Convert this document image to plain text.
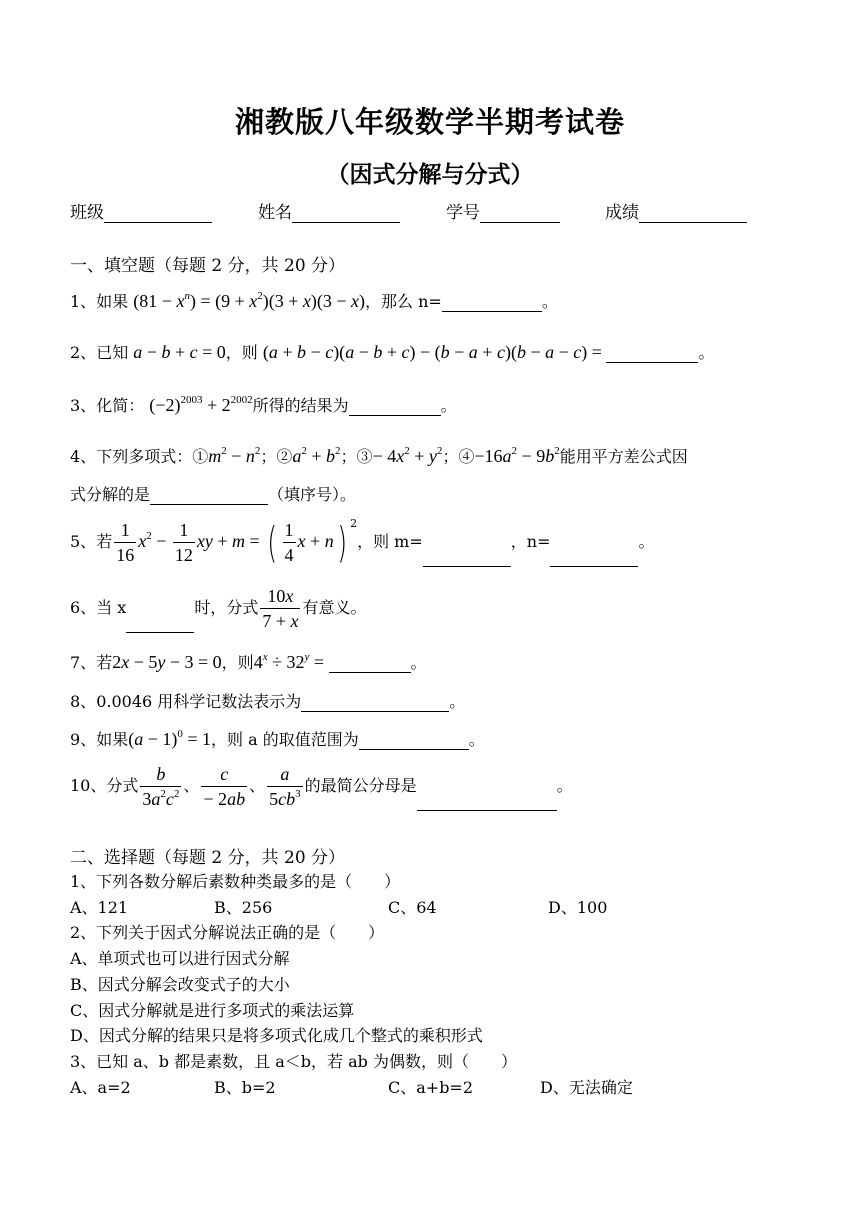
湘教版八年级数学半期考试卷
（因式分解与分式）
班级	姓名	学号	成绩
一、填空题（每题 2 分，共 20 分）
1、如果 $(81 - x^n) = (9 + x^2)(3 + x)(3 - x)$，那么 n=	。
2、已知 a − b + c = 0，则 (a + b − c)(a − b + c) − (b − a + c)(b − a − c) =	。
3、化简： $(-2)^{2003} + 2^{2002}$所得的结果为	。
4、下列多项式：$①m^2 - n^2$；$②a^2 + b^2$；③− $4x^2 + y^2$；$④-16a^2 - 9b^2$能用平方差公式因
式分解的是	（填序号）。
5、若 $\frac{1}{16} x^2 - \frac{1}{12}$ xy + m = ( $\frac{1}{4}$ x + n) $^2$，则 m=	，n=	。
6、当 x	时，分式 $\frac{10x}{7 + x}$ 有意义。
7、若2x − 5y − 3 = 0，则$4^x \div 32^y$ =	。
8、0.0046 用科学记数法表示为	。
9、如果$(a - 1)^0 = 1$，则 a 的取值范围为	。
10、分式 $\frac{b}{3a^2c^2}$ 、 $\frac{c}{- 2ab}$ 、 $\frac{a}{5cb^3}$ 的最简公分母是	。
二、选择题（每题 2 分，共 20 分）
1、下列各数分解后素数种类最多的是（　　）
A、121	B、256	C、64	D、100
2、下列关于因式分解说法正确的是（　　）
A、单项式也可以进行因式分解
B、因式分解会改变式子的大小
C、因式分解就是进行多项式的乘法运算
D、因式分解的结果只是将多项式化成几个整式的乘积形式
3、已知 a、b 都是素数，且 a＜b，若 ab 为偶数，则（　　）
A、a=2	B、b=2	C、a+b=2	D、无法确定
